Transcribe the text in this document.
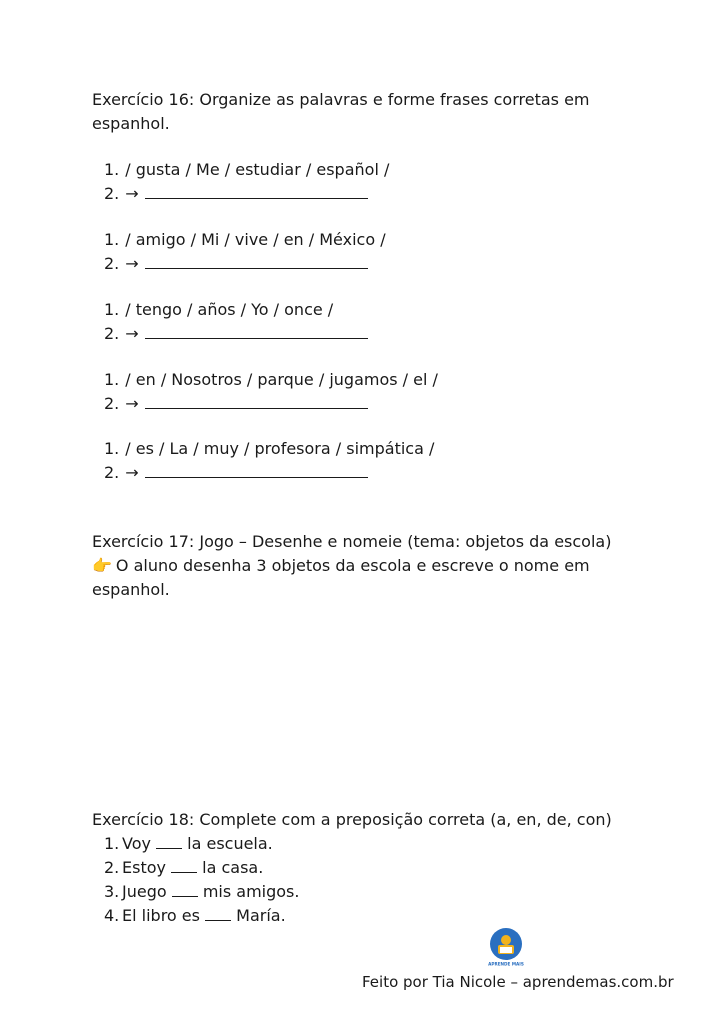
Exercício 16: Organize as palavras e forme frases corretas em espanhol.
1. / gusta / Me / estudiar / español /
2. →
1. / amigo / Mi / vive / en / México /
2. →
1. / tengo / años / Yo / once /
2. →
1. / en / Nosotros / parque / jugamos / el /
2. →
1. / es / La / muy / profesora / simpática /
2. →
Exercício 17: Jogo – Desenhe e nomeie (tema: objetos da escola)
👉 O aluno desenha 3 objetos da escola e escreve o nome em espanhol.
Exercício 18: Complete com a preposição correta (a, en, de, con)
1. Voy  la escuela.
2. Estoy  la casa.
3. Juego  mis amigos.
4. El libro es  María.
APRENDE MAIS
Feito por Tia Nicole – aprendemas.com.br
